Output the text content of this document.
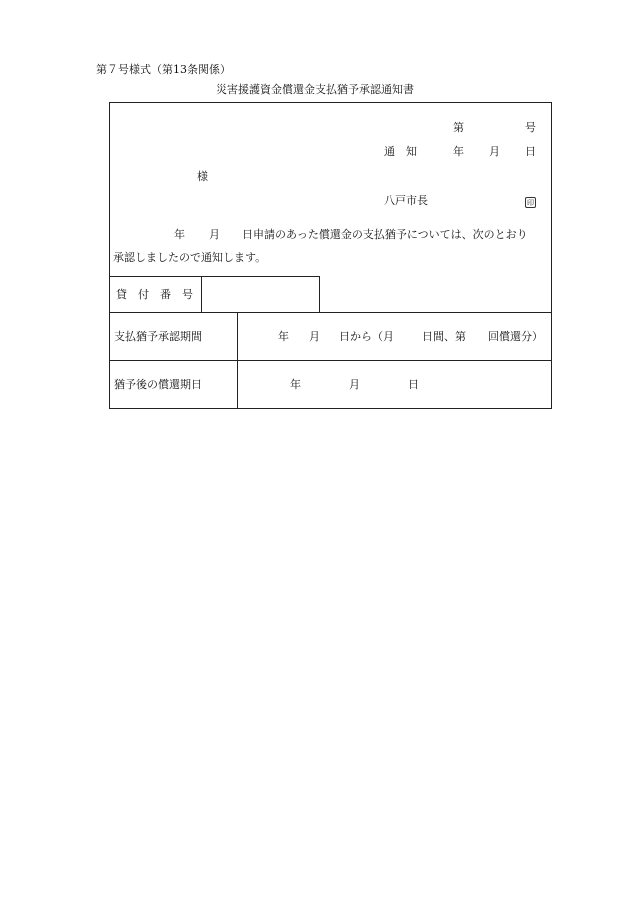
第７号様式（第13条関係）
災害援護資金償還金支払猶予承認通知書
第	号
通　知	年 月 日
様
八戸市長	印
年 月 日申請のあった償還金の支払猶予については、次のとおり
承認しましたので通知します。
貸　付　番　号
支払猶予承認期間	年 月 日から（月	日間、第 回償還分）
猶予後の償還期日	年	月	日
